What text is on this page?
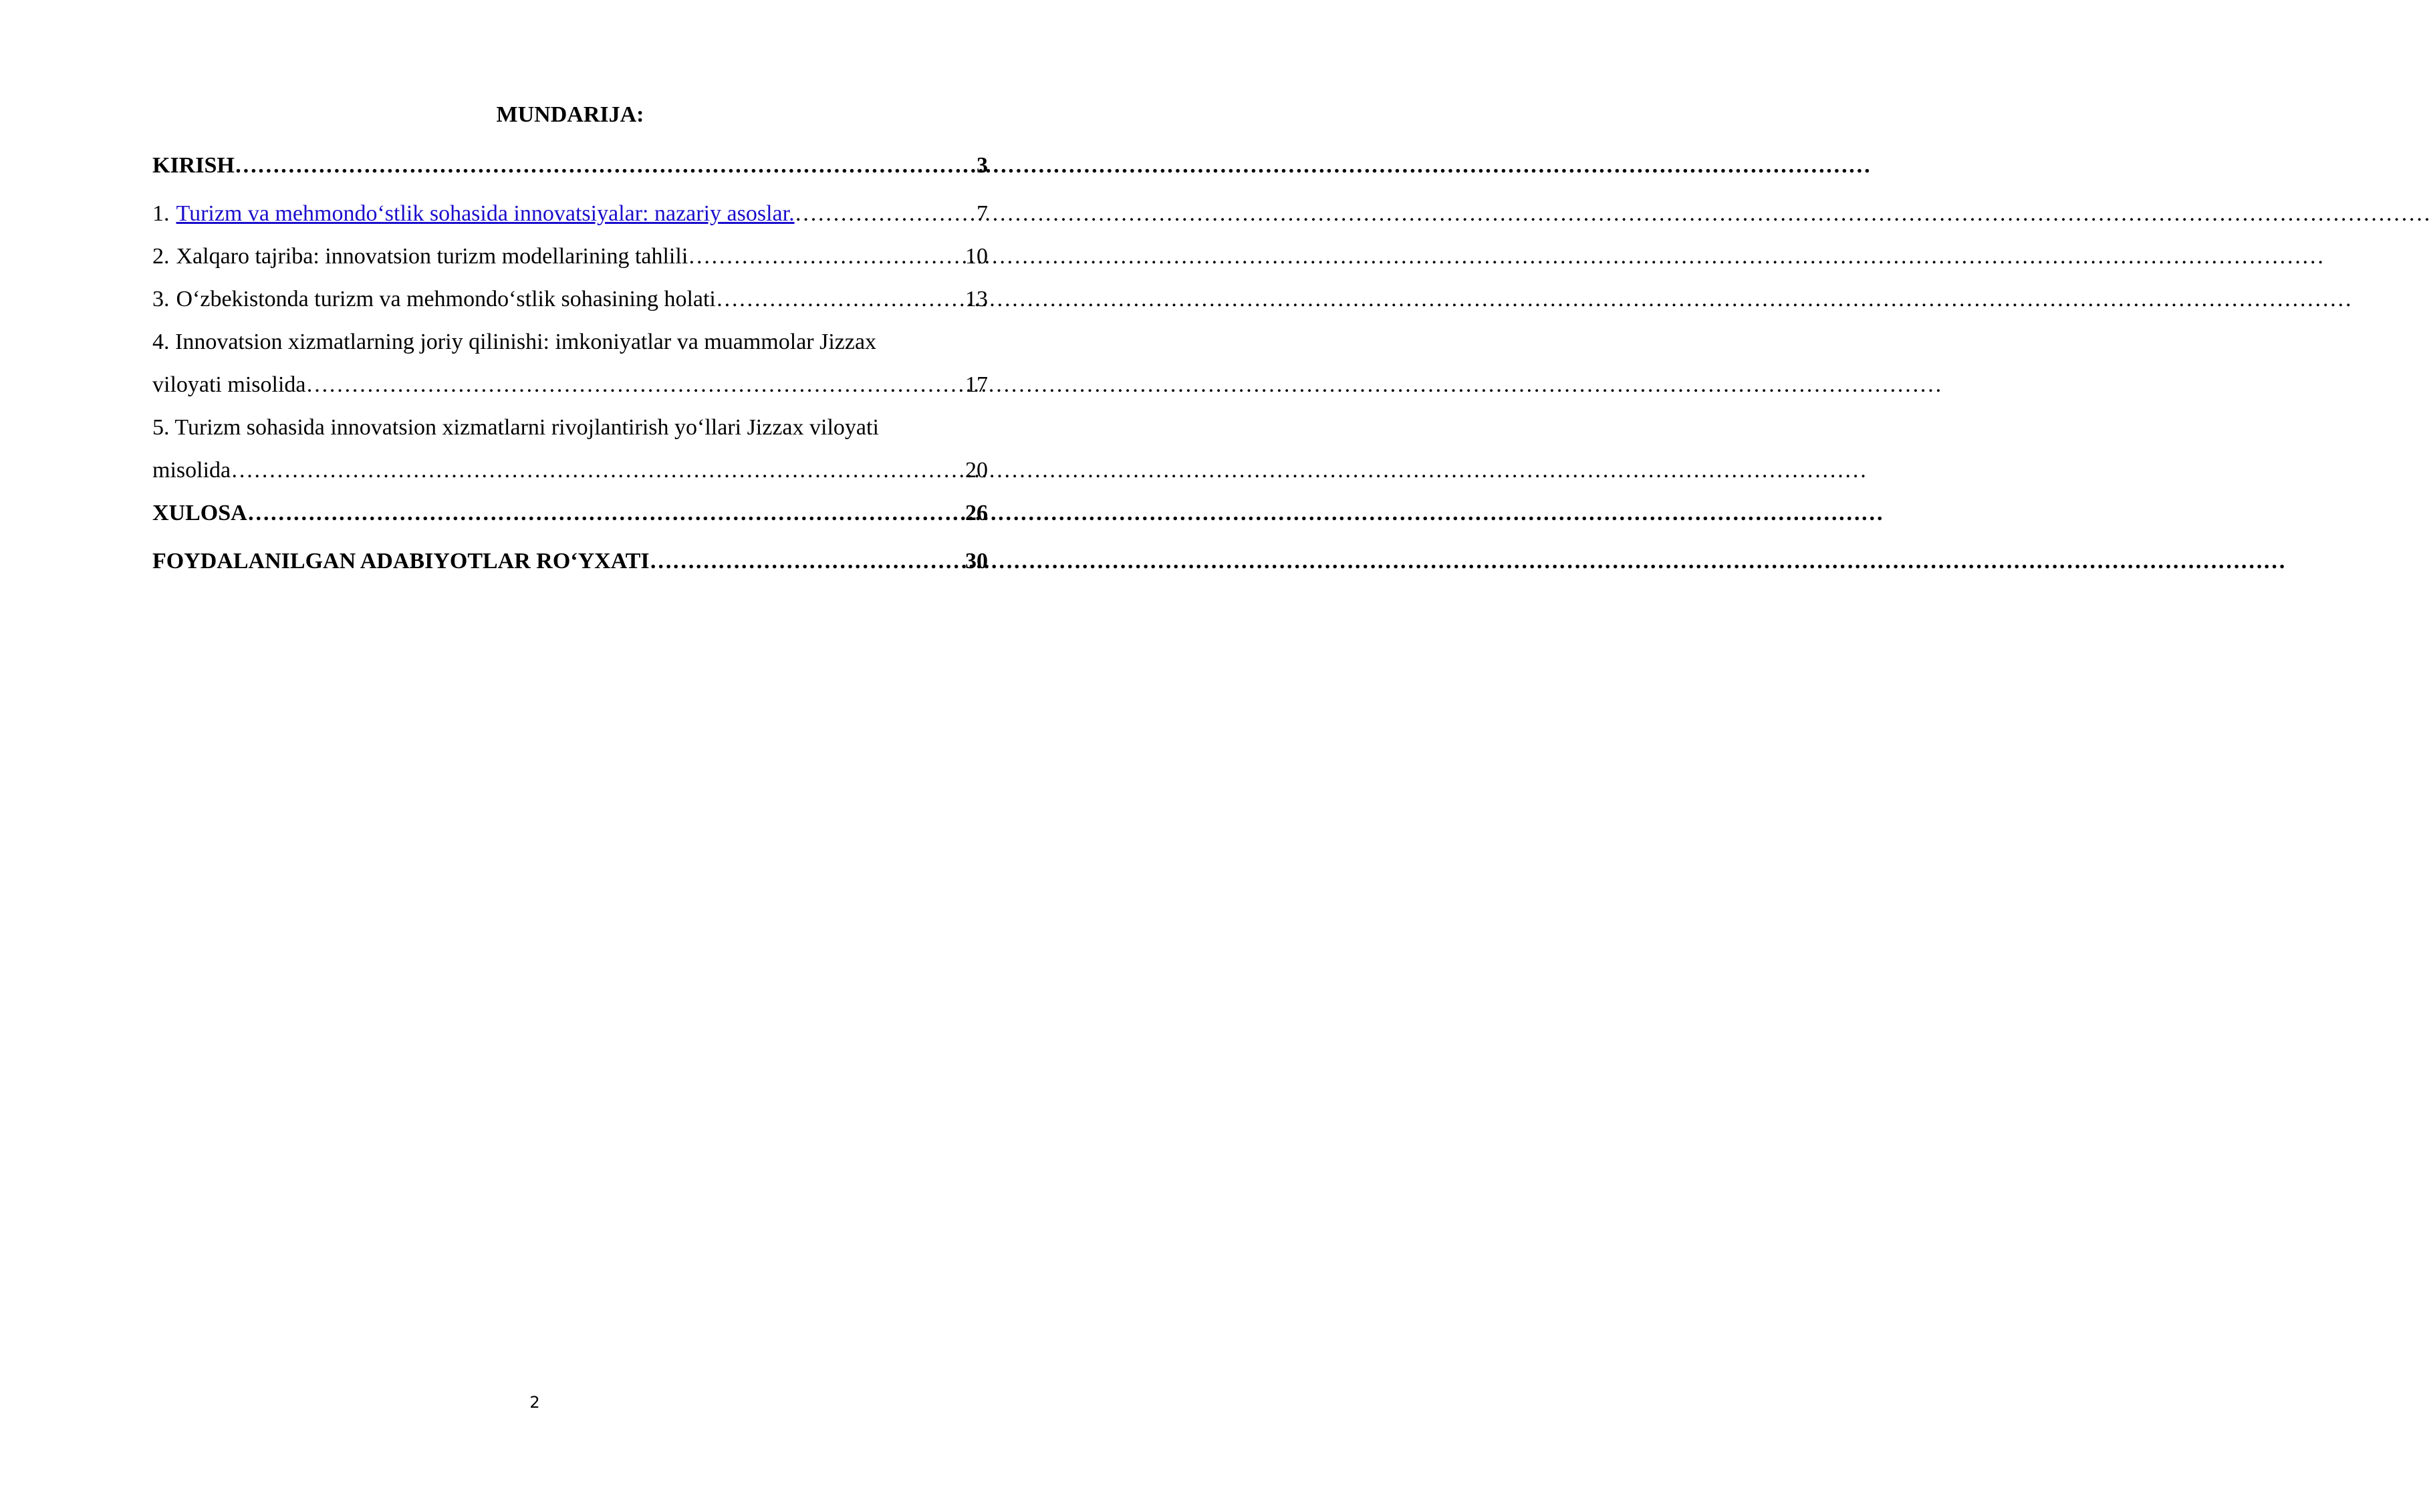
MUNDARIJA:
KIRISH ………………………………………………………………………………………………………………………………………………………………………………………………	3
1. Turizm va mehmondo‘stlik sohasida innovatsiyalar: nazariy asoslar. ………………………………………………………………………………………………………………………………………………………………………………………………	7
2. Xalqaro tajriba: innovatsion turizm modellarining tahlili ………………………………………………………………………………………………………………………………………………………………………………………………	10
3. O‘zbekistonda turizm va mehmondo‘stlik sohasining holati ………………………………………………………………………………………………………………………………………………………………………………………………	13
4. Innovatsion xizmatlarning joriy qilinishi: imkoniyatlar va muammolar Jizzax
viloyati misolida ………………………………………………………………………………………………………………………………………………………………………………………………	17
5. Turizm sohasida innovatsion xizmatlarni rivojlantirish yo‘llari Jizzax viloyati
misolida ………………………………………………………………………………………………………………………………………………………………………………………………	20
XULOSA ………………………………………………………………………………………………………………………………………………………………………………………………	26
FOYDALANILGAN ADABIYOTLAR RO‘YXATI ………………………………………………………………………………………………………………………………………………………………………………………………	30
2
